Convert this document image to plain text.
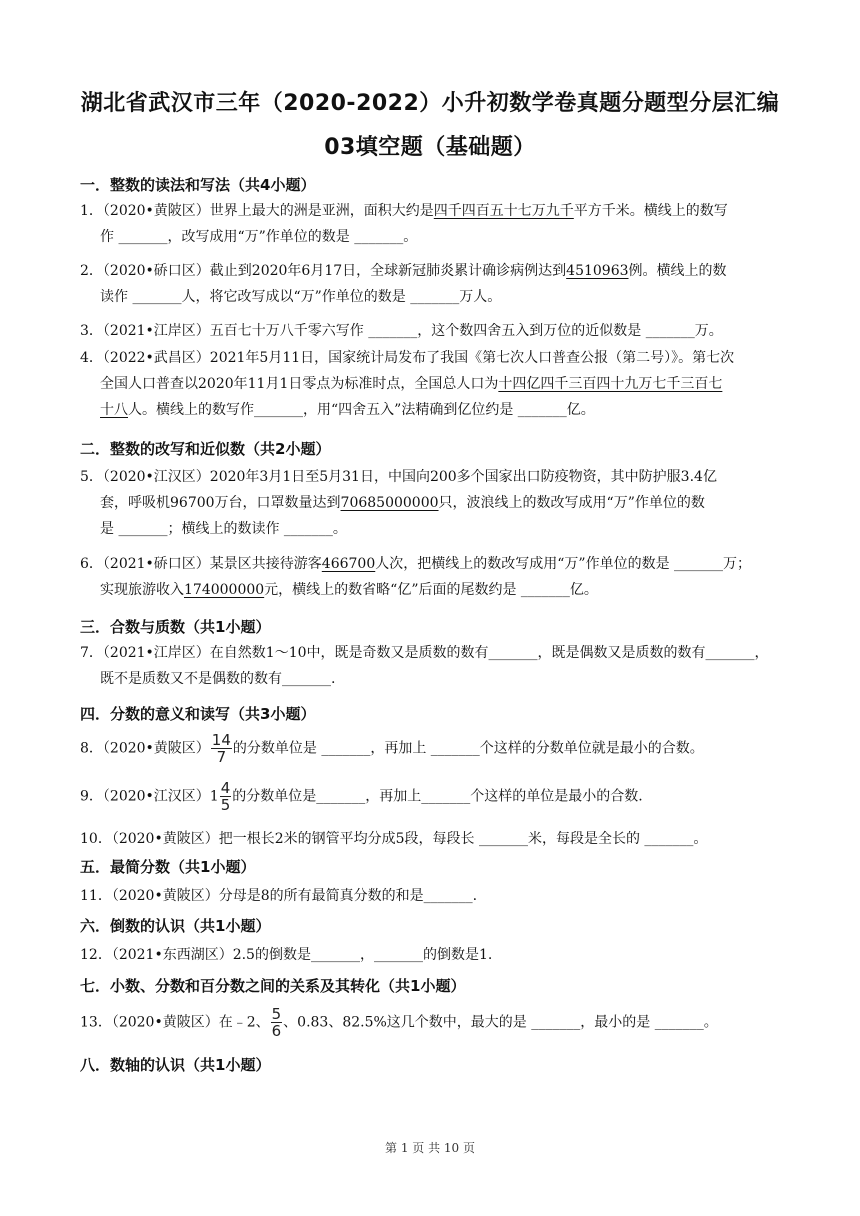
湖北省武汉市三年（2020-2022）小升初数学卷真题分题型分层汇编
03填空题（基础题）
一．整数的读法和写法（共4小题）
1．（2020•黄陂区）世界上最大的洲是亚洲，面积大约是四千四百五十七万九千平方千米。横线上的数写
作 _______，改写成用“万”作单位的数是 _______。
2．（2020•硚口区）截止到2020年6月17日，全球新冠肺炎累计确诊病例达到4510963例。横线上的数
读作 _______人，将它改写成以“万”作单位的数是 _______万人。
3．（2021•江岸区）五百七十万八千零六写作 _______，这个数四舍五入到万位的近似数是 _______万。
4．（2022•武昌区）2021年5月11日，国家统计局发布了我国《第七次人口普查公报（第二号）》。第七次
全国人口普查以2020年11月1日零点为标准时点，全国总人口为十四亿四千三百四十九万七千三百七
十八人。横线上的数写作_______，用“四舍五入”法精确到亿位约是 _______亿。
二．整数的改写和近似数（共2小题）
5．（2020•江汉区）2020年3月1日至5月31日，中国向200多个国家出口防疫物资，其中防护服3.4亿
套，呼吸机96700万台，口罩数量达到70685000000只，波浪线上的数改写成用“万”作单位的数
是 _______；横线上的数读作 _______。
6．（2021•硚口区）某景区共接待游客466700人次，把横线上的数改写成用“万”作单位的数是 _______万；
实现旅游收入174000000元，横线上的数省略“亿”后面的尾数约是 _______亿。
三．合数与质数（共1小题）
7．（2021•江岸区）在自然数1～10中，既是奇数又是质数的数有_______，既是偶数又是质数的数有_______，
既不是质数又不是偶数的数有_______.
四．分数的意义和读写（共3小题）
8．（2020•黄陂区） $\frac{14}{7}$ 的分数单位是 _______，再加上 _______个这样的分数单位就是最小的合数。
9．（2020•江汉区）$1 \frac{4}{5}$ 的分数单位是_______，再加上_______个这样的单位是最小的合数.
10．（2020•黄陂区）把一根长2米的钢管平均分成5段，每段长 _______米，每段是全长的 _______。
五．最简分数（共1小题）
11．（2020•黄陂区）分母是8的所有最简真分数的和是_______.
六．倒数的认识（共1小题）
12．（2021•东西湖区）2.5的倒数是_______，_______的倒数是1.
七．小数、分数和百分数之间的关系及其转化（共1小题）
13．（2020•黄陂区）在﹣2、 $\frac{5}{6}$ 、0.83、82.5%这几个数中，最大的是 _______，最小的是 _______。
八．数轴的认识（共1小题）
第 1 页 共 10 页
